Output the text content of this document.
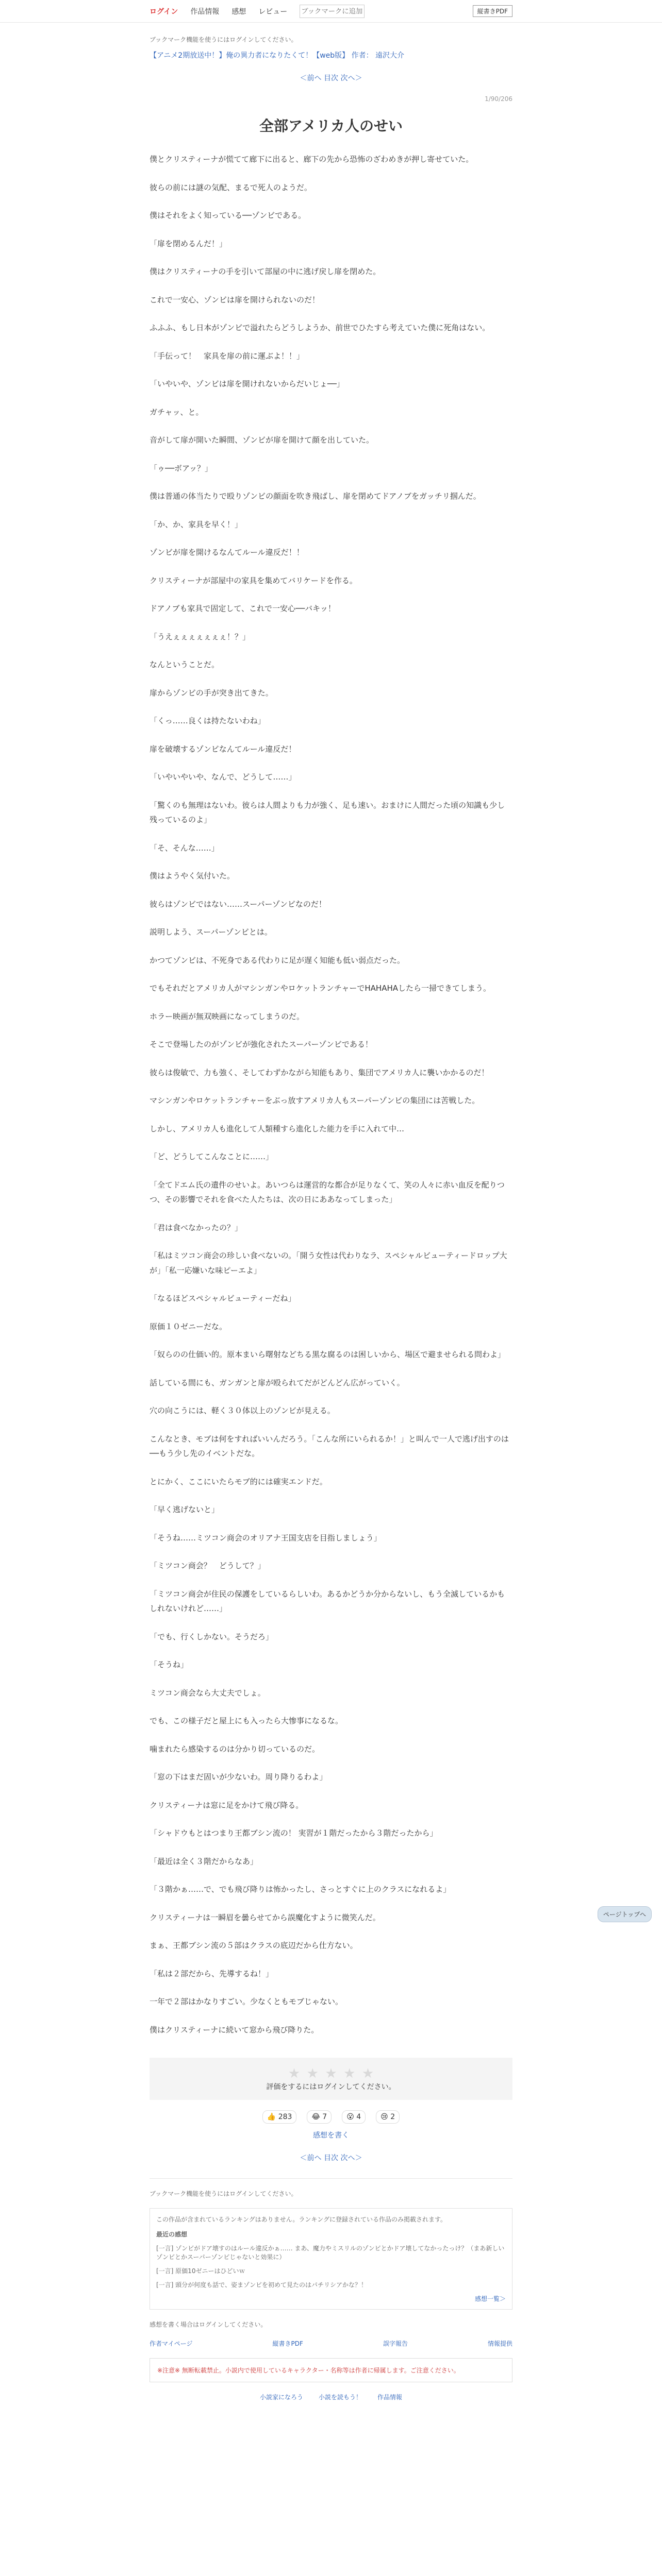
ログイン 作品情報 感想 レビュー
ブックマークに追加	縦書きPDF
ブックマーク機能を使うにはログインしてください。
【アニメ2期放送中！】俺の異力者になりたくて！【web版】 作者： 遠沢大介
＜前へ 目次 次へ＞
1/90/206
全部アメリカ人のせい

僕とクリスティーナが慌てて廊下に出ると、廊下の先から恐怖のざわめきが押し寄せていた。

彼らの前には謎の気配、まるで死人のようだ。

僕はそれをよく知っている──ゾンビである。

「扉を閉めるんだ！」

僕はクリスティーナの手を引いて部屋の中に逃げ戻し扉を閉めた。

これで一安心、ゾンビは扉を開けられないのだ！

ふふふ、もし日本がゾンビで溢れたらどうしようか、前世でひたすら考えていた僕に死角はない。

「手伝って！　家具を扉の前に運ぶよ！！」

「いやいや、ゾンビは扉を開けれないからだいじょ──」

ガチャッ、と。

音がして扉が開いた瞬間、ゾンビが扉を開けて顔を出していた。

「ゥ──ボアッ？」

僕は普通の体当たりで殴りゾンビの顔面を吹き飛ばし、扉を閉めてドアノブをガッチリ掴んだ。

「か、か、家具を早く！」

ゾンビが扉を開けるなんてルール違反だ！！

クリスティーナが部屋中の家具を集めてバリケードを作る。

ドアノブも家具で固定して、これで一安心──バキッ！

「うえぇぇぇぇぇぇぇ！？」

なんということだ。

扉からゾンビの手が突き出てきた。

「くっ……良くは持たないわね」

扉を破壊するゾンビなんてルール違反だ！

「いやいやいや、なんで、どうして……」

「驚くのも無理はないわ。彼らは人間よりも力が強く、足も速い。おまけに人間だった頃の知識も少し残っているのよ」

「そ、そんな……」

僕はようやく気付いた。

彼らはゾンビではない……スーパーゾンビなのだ！

説明しよう、スーパーゾンビとは。

かつてゾンビは、不死身である代わりに足が遅く知能も低い弱点だった。

でもそれだとアメリカ人がマシンガンやロケットランチャーでHAHAHAしたら一掃できてしまう。

ホラー映画が無双映画になってしまうのだ。

そこで登場したのがゾンビが強化されたスーパーゾンビである！

彼らは俊敏で、力も強く、そしてわずかながら知能もあり、集団でアメリカ人に襲いかかるのだ！

マシンガンやロケットランチャーをぶっ放すアメリカ人もスーパーゾンビの集団には苦戦した。

しかし、アメリカ人も進化して人類種すら進化した能力を手に入れて中…

「ど、どうしてこんなことに……」

「全てドエム氏の遺件のせいよ。あいつらは運営的な都合が足りなくて、笑の人々に赤い血反を配りつつ、その影響でそれを食べた人たちは、次の日にああなってしまった」

「君は食べなかったの？」

「私はミツコン商会の珍しい食べないの。「開う女性は代わりなラ、スペシャルビューティードロップ大が」「私一応嫌いな味ピーエよ」

「なるほどスペシャルビューティーだね」

原価１０ゼニーだな。

「奴らのの仕価い的。原本まいら曙射などちる黒な腐るのは困しいから、場区で避ませられる問わよ」

話している間にも、ガンガンと扉が殴られてだがどんどん広がっていく。

穴の向こうには、軽く３０体以上のゾンビが見える。

こんなとき、モブは何をすればいいんだろう。「こんな所にいられるか！」と叫んで一人で逃げ出すのは──もう少し先のイベントだな。

とにかく、ここにいたらモブ的には確実エンドだ。

「早く逃げないと」

「そうね……ミツコン商会のオリアナ王国支店を目指しましょう」

「ミツコン商会？　どうして？」

「ミツコン商会が住民の保護をしているらしいわ。あるかどうか分からないし、もう全滅しているかもしれないけれど……」

「でも、行くしかない。そうだろ」

「そうね」

ミツコン商会なら大丈夫でしょ。

でも、この様子だと屋上にも入ったら大惨事になるな。

噛まれたら感染するのは分かり切っているのだ。

「窓の下はまだ固いが少ないわ。周り降りるわよ」

クリスティーナは窓に足をかけて飛び降る。

「シャドウもとはつまり王都ブシン流の！ 実習が１階だったから３階だったから」

「最近は全く３階だからなあ」

「３階かぁ……で、でも飛び降りは怖かったし、さっとすぐに上のクラスになれるよ」

クリスティーナは一瞬眉を曇らせてから誤魔化すように微笑んだ。

まぁ、王都ブシン流の５部はクラスの底辺だから仕方ない。

「私は２部だから、先導するね！」

一年で２部はかなりすごい。少なくともモブじゃない。

僕はクリスティーナに続いて窓から飛び降りた。

★ ★ ★ ★ ★
評価をするにはログインしてください。
👍 283	😂 7	😮 4	😢 2
感想を書く
＜前へ 目次 次へ＞
ブックマーク機能を使うにはログインしてください。
この作品が含まれているランキングはありません。ランキングに登録されている作品のみ掲載されます。
最近の感想
[一言] ゾンビがドア壊すのはルール違反かぁ…… まあ、魔力やミスリルのゾンビとかドア壊してなかったっけ？（まあ新しいゾンビとかスーパーゾンビじゃないと効果に）
[一言] 原価10ゼニーはひどいｗ
[一言] 頭分が何度も話で、姿まゾンビを初めて見たのはパチリシアかな？！
感想一覧＞
感想を書く場合はログインしてください。
作者マイページ	縦書きPDF	誤字報告	情報提供
※注意※ 無断転載禁止。小説内で使用しているキャラクター・名称等は作者に帰属します。ご注意ください。
小説家になろう	小説を読もう！	作品情報
ページトップへ
